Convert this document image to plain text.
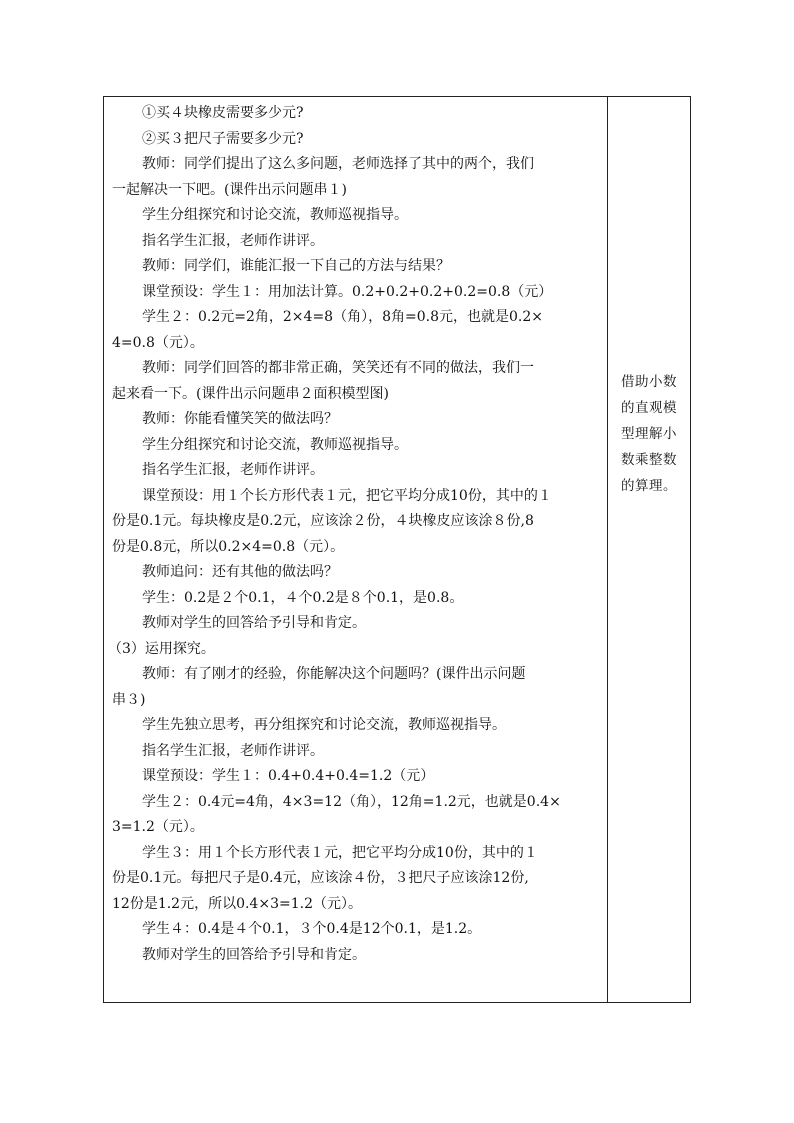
①买４块橡皮需要多少元?
②买３把尺子需要多少元?
教师：同学们提出了这么多问题，老师选择了其中的两个，我们
一起解决一下吧。(课件出示问题串１)
学生分组探究和讨论交流，教师巡视指导。
指名学生汇报，老师作讲评。
教师：同学们，谁能汇报一下自己的方法与结果？
课堂预设：学生１：用加法计算。0.2+0.2+0.2+0.2=0.8（元）
学生２：0.2元=2角，2×4=8（角），8角=0.8元，也就是0.2×
4=0.8（元）。
教师：同学们回答的都非常正确，笑笑还有不同的做法，我们一
起来看一下。(课件出示问题串２面积模型图)
教师：你能看懂笑笑的做法吗？
学生分组探究和讨论交流，教师巡视指导。
指名学生汇报，老师作讲评。
课堂预设：用１个长方形代表１元，把它平均分成10份，其中的１
份是0.1元。每块橡皮是0.2元，应该涂２份，４块橡皮应该涂８份,8
份是0.8元，所以0.2×4=0.8（元）。
教师追问：还有其他的做法吗？
学生：0.2是２个0.1，４个0.2是８个0.1，是0.8。
教师对学生的回答给予引导和肯定。
（3）运用探究。
教师：有了刚才的经验，你能解决这个问题吗？(课件出示问题
串３)
学生先独立思考，再分组探究和讨论交流，教师巡视指导。
指名学生汇报，老师作讲评。
课堂预设：学生１：0.4+0.4+0.4=1.2（元）
学生２：0.4元=4角，4×3=12（角），12角=1.2元，也就是0.4×
3=1.2（元）。
学生３：用１个长方形代表１元，把它平均分成10份，其中的１
份是0.1元。每把尺子是0.4元，应该涂４份，３把尺子应该涂12份,
12份是1.2元，所以0.4×3=1.2（元）。
学生４：0.4是４个0.1，３个0.4是12个0.1，是1.2。
教师对学生的回答给予引导和肯定。
借助小数
的直观模
型理解小
数乘整数
的算理。
